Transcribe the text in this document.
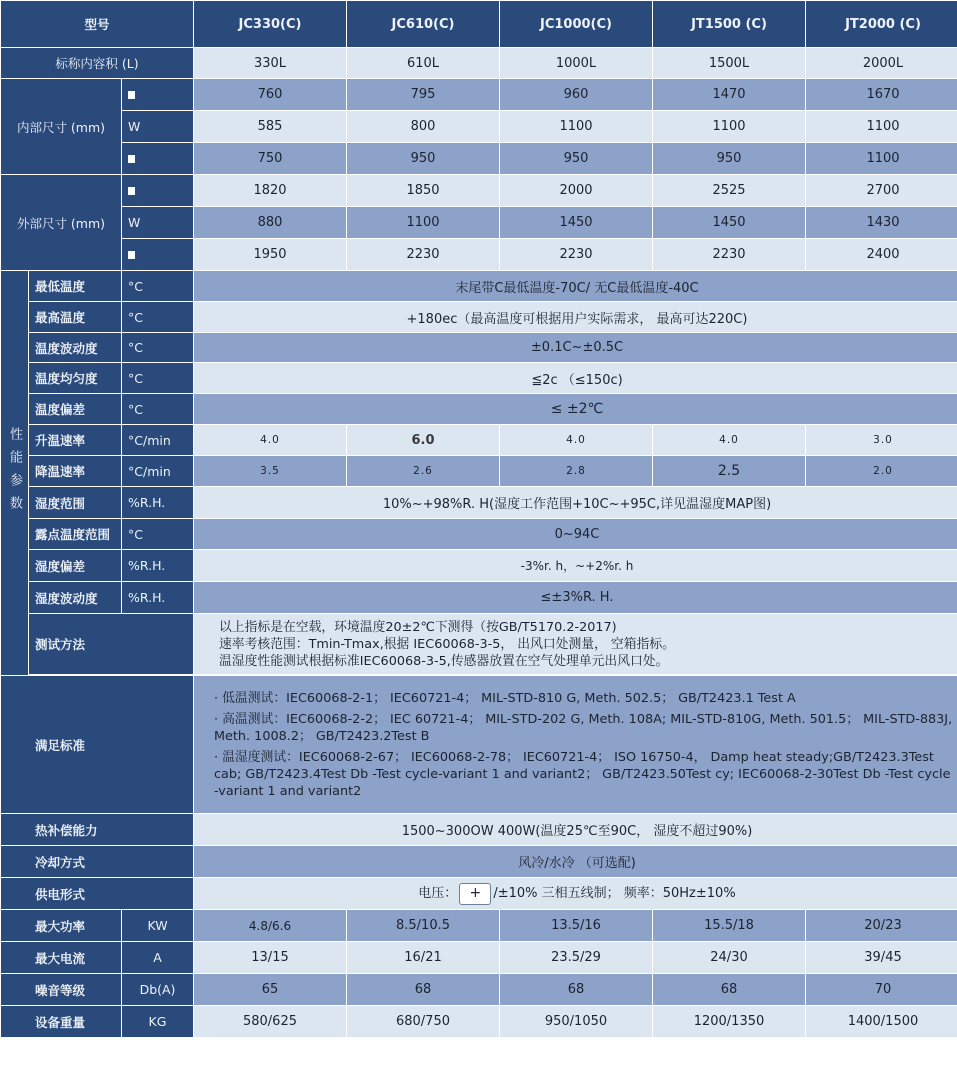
型号			JC330(C)	JC610(C)	JC1000(C)	JT1500 (C)	JT2000 (C)
标称内容积 (L)			330L	610L	1000L	1500L	2000L
内部尺寸 (mm)			760	795	960	1470	1670
		W	585	800	1100	1100	1100
			750	950	950	950	1100
外部尺寸 (mm)			1820	1850	2000	2525	2700
		W	880	1100	1450	1450	1430
			1950	2230	2230	2230	2400
性能参数	最低温度	°C	末尾带C最低温度-70C/ 无C最低温度-40C				
	最高温度	°C	+180ec（最高温度可根据用户实际需求， 最高可达220C)				
	温度波动度	°C	±0.1C~±0.5C				
	温度均匀度	°C	≦2c （≤150c)				
	温度偏差	°C	≤ ±2℃				
	升温速率	°C/min	4.0	6.0	4.0	4.0	3.0
	降温速率	°C/min	3.5	2.6	2.8	2.5	2.0
	湿度范围	%R.H.	10%~+98%R. H(湿度工作范围+10C~+95C,详见温湿度MAP图)				
	露点温度范围	°C	0~94C				
	湿度偏差	%R.H.	-3%r. h，~+2%r. h				
	湿度波动度	%R.H.	≤±3%R. H.				
	测试方法		以上指标是在空载，环境温度20±2℃下测得（按GB/T5170.2-2017)
速率考核范围：Tmin-Tmax,根据 IEC60068-3-5， 出风口处测量， 空箱指标。
温湿度性能测试根据标准IEC60068-3-5,传感器放置在空气处理单元出风口处。				

满足标准			· 低温测试：IEC60068-2-1； IEC60721-4； MIL-STD-810 G, Meth. 502.5； GB/T2423.1 Test A

· 高温测试：IEC60068-2-2； IEC 60721-4； MIL-STD-202 G, Meth. 108A; MIL-STD-810G, Meth. 501.5； MIL-STD-883J, Meth. 1008.2； GB/T2423.2Test B

· 温湿度测试：IEC60068-2-67； IEC60068-2-78； IEC60721-4； ISO 16750-4， Damp heat steady;GB/T2423.3Test cab; GB/T2423.4Test Db -Test cycle-variant 1 and variant2； GB/T2423.50Test cy; IEC60068-2-30Test Db -Test cycle -variant 1 and variant2				

热补偿能力			1500~300OW 400W(温度25℃至90C， 湿度不超过90%)				
冷却方式			风冷/水冷 （可选配)				
供电形式			电压： + /±10% 三相五线制； 频率：50Hz±10%				
最大功率		KW	4.8/6.6	8.5/10.5	13.5/16	15.5/18	20/23
最大电流		A	13/15	16/21	23.5/29	24/30	39/45
噪音等级		Db(A)	65	68	68	68	70
设备重量		KG	580/625	680/750	950/1050	1200/1350	1400/1500
